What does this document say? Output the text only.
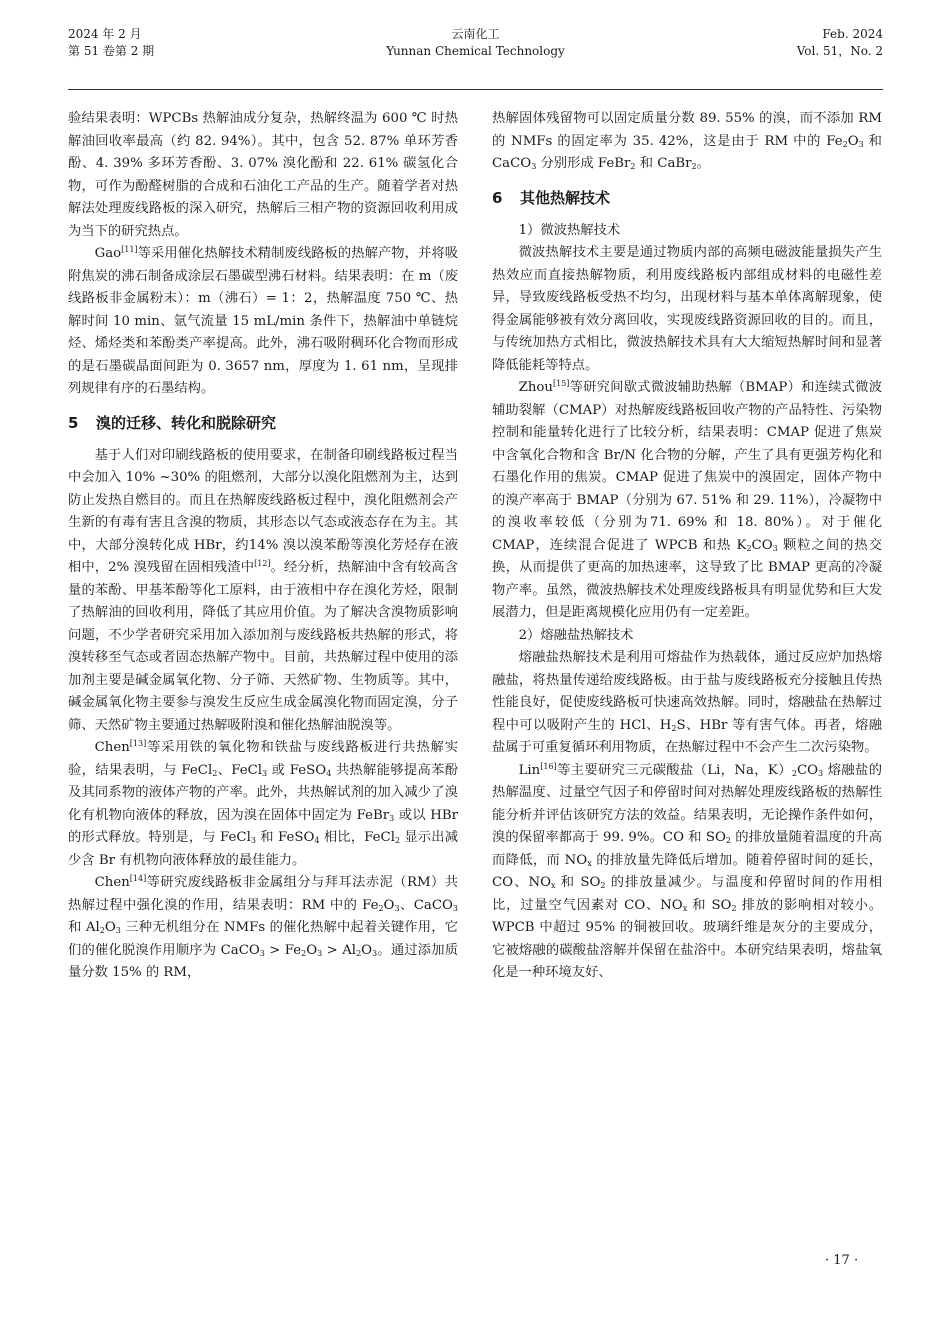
2024 年 2 月
第 51 卷第 2 期
云南化工
Yunnan Chemical Technology
Feb. 2024
Vol. 51，No. 2

验结果表明：WPCBs 热解油成分复杂，热解终温为 600 ℃ 时热解油回收率最高（约 82. 94%）。其中，包含 52. 87% 单环芳香酚、4. 39% 多环芳香酚、3. 07% 溴化酚和 22. 61% 碳氢化合物，可作为酚醛树脂的合成和石油化工产品的生产。随着学者对热解法处理废线路板的深入研究，热解后三相产物的资源回收利用成为当下的研究热点。

Gao[11]等采用催化热解技术精制废线路板的热解产物，并将吸附焦炭的沸石制备成涂层石墨碳型沸石材料。结果表明：在 m（废线路板非金属粉末）：m（沸石）= 1：2，热解温度 750 ℃、热解时间 10 min、氩气流量 15 mL/min 条件下，热解油中单链烷烃、烯烃类和苯酚类产率提高。此外，沸石吸附稠环化合物而形成的是石墨碳晶面间距为 0. 3657 nm，厚度为 1. 61 nm，呈现排列规律有序的石墨结构。

5 溴的迁移、转化和脱除研究

基于人们对印刷线路板的使用要求，在制备印刷线路板过程当中会加入 10% ~30% 的阻燃剂，大部分以溴化阻燃剂为主，达到防止发热自燃目的。而且在热解废线路板过程中，溴化阻燃剂会产生新的有毒有害且含溴的物质，其形态以气态或液态存在为主。其中，大部分溴转化成 HBr，约14% 溴以溴苯酚等溴化芳烃存在液相中，2% 溴残留在固相残渣中[12]。经分析，热解油中含有较高含量的苯酚、甲基苯酚等化工原料，由于液相中存在溴化芳烃，限制了热解油的回收利用，降低了其应用价值。为了解决含溴物质影响问题，不少学者研究采用加入添加剂与废线路板共热解的形式，将溴转移至气态或者固态热解产物中。目前，共热解过程中使用的添加剂主要是碱金属氧化物、分子筛、天然矿物、生物质等。其中，碱金属氧化物主要参与溴发生反应生成金属溴化物而固定溴，分子筛、天然矿物主要通过热解吸附溴和催化热解油脱溴等。

Chen[13]等采用铁的氧化物和铁盐与废线路板进行共热解实验，结果表明，与 FeCl$_2$、FeCl$_3$ 或 FeSO$_4$ 共热解能够提高苯酚及其同系物的液体产物的产率。此外，共热解试剂的加入减少了溴化有机物向液体的释放，因为溴在固体中固定为 FeBr$_3$ 或以 HBr 的形式释放。特别是，与 FeCl$_3$ 和 FeSO$_4$ 相比，FeCl$_2$ 显示出减少含 Br 有机物向液体释放的最佳能力。

Chen[14]等研究废线路板非金属组分与拜耳法赤泥（RM）共热解过程中强化溴的作用，结果表明：RM 中的 $Fe_2O_3$、CaCO$_3$ 和 $Al_2O_3$ 三种无机组分在 NMFs 的催化热解中起着关键作用，它们的催化脱溴作用顺序为 CaCO$_3$ > $Fe_2O_3 > Al_2O_3$。通过添加质量分数 15% 的 RM，

热解固体残留物可以固定质量分数 89. 55% 的溴，而不添加 RM 的 NMFs 的固定率为 35. 42%，这是由于 RM 中的 $Fe_2O_3$ 和 CaCO$_3$ 分别形成 FeBr$_2$ 和 CaBr$_2$。

6 其他热解技术

1）微波热解技术

微波热解技术主要是通过物质内部的高频电磁波能量损失产生热效应而直接热解物质，利用废线路板内部组成材料的电磁性差异，导致废线路板受热不均匀，出现材料与基本单体离解现象，使得金属能够被有效分离回收，实现废线路资源回收的目的。而且，与传统加热方式相比，微波热解技术具有大大缩短热解时间和显著降低能耗等特点。

Zhou[15]等研究间歇式微波辅助热解（BMAP）和连续式微波辅助裂解（CMAP）对热解废线路板回收产物的产品特性、污染物控制和能量转化进行了比较分析，结果表明：CMAP 促进了焦炭中含氧化合物和含 Br/N 化合物的分解，产生了具有更强芳构化和石墨化作用的焦炭。CMAP 促进了焦炭中的溴固定，固体产物中的溴产率高于 BMAP（分别为 67. 51% 和 29. 11%），冷凝物中的溴收率较低（分别为71. 69% 和 18. 80%）。对于催化 CMAP，连续混合促进了 WPCB 和热 $K_2CO_3$ 颗粒之间的热交换，从而提供了更高的加热速率，这导致了比 BMAP 更高的冷凝物产率。虽然，微波热解技术处理废线路板具有明显优势和巨大发展潜力，但是距离规模化应用仍有一定差距。

2）熔融盐热解技术

熔融盐热解技术是利用可熔盐作为热载体，通过反应炉加热熔融盐，将热量传递给废线路板。由于盐与废线路板充分接触且传热性能良好，促使废线路板可快速高效热解。同时，熔融盐在热解过程中可以吸附产生的 HCl、$H_2S$、HBr 等有害气体。再者，熔融盐属于可重复循环利用物质，在热解过程中不会产生二次污染物。

Lin[16]等主要研究三元碳酸盐（Li，Na，$K)_2CO_3$ 熔融盐的热解温度、过量空气因子和停留时间对热解处理废线路板的热解性能分析并评估该研究方法的效益。结果表明，无论操作条件如何，溴的保留率都高于 99. 9%。CO 和 $SO_2$ 的排放量随着温度的升高而降低，而 $NO_x$ 的排放量先降低后增加。随着停留时间的延长，CO、$NO_x$ 和 $SO_2$ 的排放量减少。与温度和停留时间的作用相比，过量空气因素对 CO、$NO_x$ 和 $SO_2$ 排放的影响相对较小。WPCB 中超过 95% 的铜被回收。玻璃纤维是灰分的主要成分，它被熔融的碳酸盐溶解并保留在盐浴中。本研究结果表明，熔盐氧化是一种环境友好、

· 17 ·
